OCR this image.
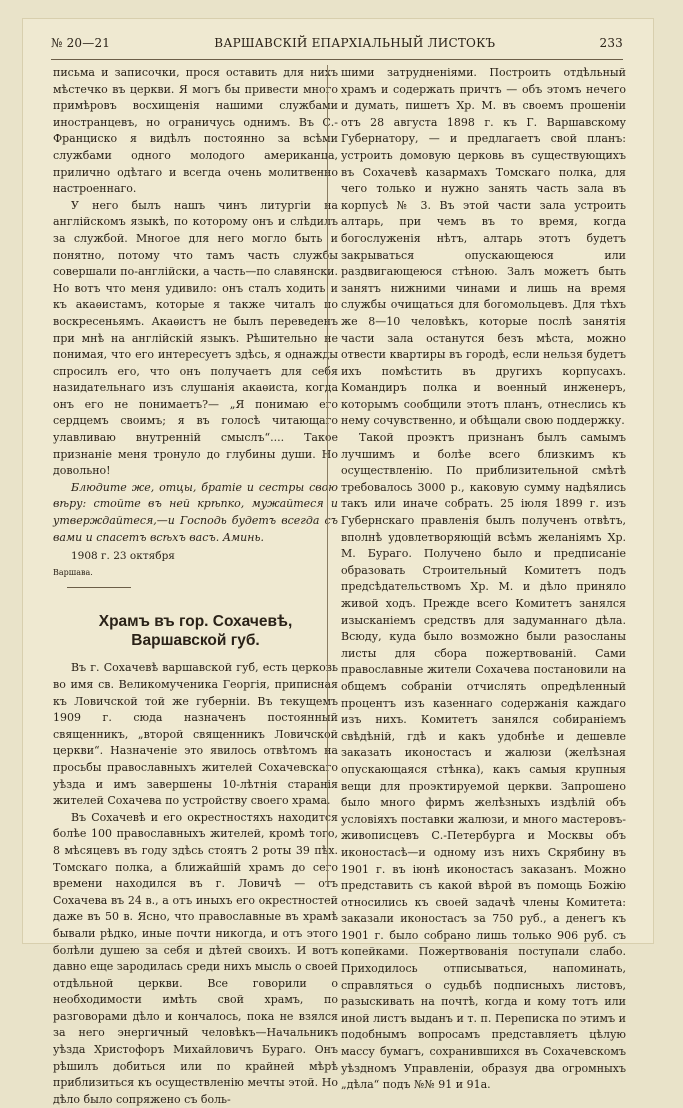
№ 20—21	ВАРШАВСКІЙ ЕПАРХІАЛЬНЫЙ ЛИСТОКЪ	233

письма и записочки, прося оставить для нихъ мѣстечко въ церкви. Я могъ бы привести много примѣровъ восхищенія нашими службами иностранцевъ, но ограничусь однимъ. Въ С.-Франциско я видѣлъ постоянно за всѣми службами одного молодого американца, прилично одѣтаго и всегда очень молитвенно настроеннаго.

У него былъ нашъ чинъ литургіи на англійскомъ языкѣ, по которому онъ и слѣдилъ за службой. Многое для него могло быть и понятно, потому что тамъ часть службы совершали по-англійски, а часть—по славянски. Но вотъ что меня удивило: онъ сталъ ходить и къ акаѳистамъ, которые я также читалъ по воскресеньямъ. Акаѳистъ не былъ переведенъ при мнѣ на англійскій языкъ. Рѣшительно не понимая, что его интересуетъ здѣсь, я однажды спросилъ его, что онъ получаетъ для себя назидательнаго изъ слушанія акаѳиста, когда онъ его не понимаетъ?— „Я понимаю его сердцемъ своимъ; я въ голосѣ читающаго улавливаю внутренній смыслъ“.... Такое признаніе меня тронуло до глубины души. Но довольно!

Блюдите же, отцы, братіе и сестры свою вѣру: стойте въ ней крѣпко, мужайтеся и утверждайтеся,—и Господь будетъ всегда съ вами и спасетъ всѣхъ васъ. Аминь.

1908 г. 23 октября

Варшава.

Храмъ въ гор. Сохачевѣ, Варшавской губ.

Въ г. Сохачевѣ варшавской губ, есть церковь во имя св. Великомученика Георгія, приписная къ Ловичской той же губерніи. Въ текущемъ 1909 г. сюда назначенъ постоянный священникъ, „второй священникъ Ловичской церкви“. Назначеніе это явилось отвѣтомъ на просьбы православныхъ жителей Сохачевскаго уѣзда и имъ завершены 10-лѣтнія старанія жителей Сохачева по устройству своего храма.

Въ Сохачевѣ и его окрестностяхъ находится болѣе 100 православныхъ жителей, кромѣ того, 8 мѣсяцевъ въ году здѣсь стоятъ 2 роты 39 пѣх. Томскаго полка, а ближайшій храмъ до сего времени находился въ г. Ловичѣ — отъ Сохачева въ 24 в., а отъ иныхъ его окрестностей даже въ 50 в. Ясно, что православные въ храмѣ бывали рѣдко, иные почти никогда, и отъ этого болѣли душею за себя и дѣтей своихъ. И вотъ давно еще зародилась среди нихъ мысль о своей отдѣльной церкви. Все говорили о необходимости имѣть свой храмъ, по разговорами дѣло и кончалось, пока не взялся за него энергичный человѣкъ—Начальникъ уѣзда Христофоръ Михайловичъ Бураго. Онъ рѣшилъ добиться или по крайней мѣрѣ приблизиться къ осуществленію мечты этой. Но дѣло было сопряжено съ боль-

шими затрудненіями. Построить отдѣльный храмъ и содержать причтъ — объ этомъ нечего и думать, пишетъ Хр. М. въ своемъ прошеніи отъ 28 августа 1898 г. къ Г. Варшавскому Губернатору, — и предлагаетъ свой планъ: устроить домовую церковь въ существующихъ въ Сохачевѣ казармахъ Томскаго полка, для чего только и нужно занять часть зала въ корпусѣ № 3. Въ этой части зала устроить алтарь, при чемъ въ то время, когда богослуженія нѣтъ, алтарь этотъ будетъ закрываться опускающеюся или раздвигающеюся стѣною. Залъ можетъ быть занятъ нижними чинами и лишь на время службы очищаться для богомольцевъ. Для тѣхъ же 8—10 человѣкъ, которые послѣ занятія части зала останутся безъ мѣста, можно отвести квартиры въ городѣ, если нельзя будетъ ихъ помѣстить въ другихъ корпусахъ. Командиръ полка и военный инженеръ, которымъ сообщили этотъ планъ, отнеслись къ нему сочувственно, и обѣщали свою поддержку.

Такой проэктъ признанъ былъ самымъ лучшимъ и болѣе всего близкимъ къ осуществленію. По приблизительной смѣтѣ требовалось 3000 р., каковую сумму надѣялись такъ или иначе собрать. 25 іюля 1899 г. изъ Губернскаго правленія былъ полученъ отвѣтъ, вполнѣ удовлетворяющій всѣмъ желаніямъ Хр. М. Бураго. Получено было и предписаніе образовать Строительный Комитетъ подъ предсѣдательствомъ Хр. М. и дѣло приняло живой ходъ. Прежде всего Комитетъ занялся изысканіемъ средствъ для задуманнаго дѣла. Всюду, куда было возможно были разосланы листы для сбора пожертвованій. Сами православные жители Сохачева постановили на общемъ собраніи отчислять опредѣленный процентъ изъ казеннаго содержанія каждаго изъ нихъ. Комитетъ занялся собираніемъ свѣдѣній, гдѣ и какъ удобнѣе и дешевле заказать иконостасъ и жалюзи (желѣзная опускающаяся стѣнка), какъ самыя крупныя вещи для проэктируемой церкви. Запрошено было много фирмъ желѣзныхъ издѣлій объ условіяхъ поставки жалюзи, и много мастеровъ-живописцевъ С.-Петербурга и Москвы объ иконостасѣ—и одному изъ нихъ Скрябину въ 1901 г. въ іюнѣ иконостасъ заказанъ. Можно представить съ какой вѣрой въ помощь Божію относились къ своей задачѣ члены Комитета: заказали иконостасъ за 750 руб., а денегъ къ 1901 г. было собрано лишь только 906 руб. съ копейками. Пожертвованія поступали слабо. Приходилось отписываться, напоминать, справляться о судьбѣ подписныхъ листовъ, разыскивать на почтѣ, когда и кому тотъ или иной листъ выданъ и т. п. Переписка по этимъ и подобнымъ вопросамъ представляетъ цѣлую массу бумагъ, сохранившихся въ Сохачевскомъ уѣздномъ Управленіи, образуя два огромныхъ „дѣла“ подъ №№ 91 и 91а.
